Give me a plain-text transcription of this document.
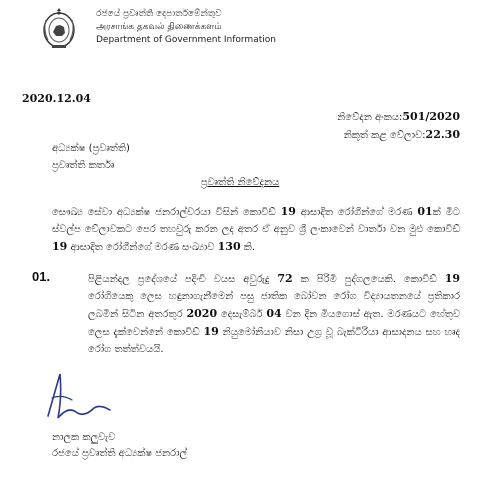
රජයේ ප්‍රවෘත්ති දෙපාර්තමේන්තුව
அரசாங்க தகவல் திணைக்களம்
Department of Government Information
2020.12.04
නිවේදන අංකය:501/2020
නිකුත් කළ වේලාව:22.30
අධ්‍යක්ෂ (ප්‍රවෘත්ති)
ප්‍රවෘත්ති කර්තෘ
ප්‍රවෘත්ති නිවේදනය
සෞඛ්‍ය සේවා අධ්‍යක්ෂ ජනරාල්වරයා විසින් කොවිඩ් 19 ආසාදිත රෝගීන්ගේ මරණ 01ක් මීට ස්වල්ප වේලාවකට පෙර තහවුරු කරන ලද අතර ඒ අනුව ශ්‍රී ලංකාවෙන් වාර්තා වන මුළු කොවිඩ් 19 ආසාදිත රෝගීන්ගේ මරණ සංඛ්‍යාව 130 කි.
01.	පිළියන්දල ප්‍රදේශයේ පදිංචි වයස අවුරුදු 72 ක පිරිමි පුද්ගලයෙකි. කොවිඩ් 19 රෝගියෙකු ලෙස හඳුනාගැනීමෙන් පසු ජාතික බෝවන රෝග විද්‍යායතනයේ ප්‍රතිකාර ලබමින් සිටින අතරතුර 2020 දෙසැම්බර් 04 වන දින මියගොස් ඇත. මරණයට හේතුව ලෙස දැක්වෙන්නේ කොවිඩ් 19 නියුමෝනියාව නිසා උග්‍ර වූ බැක්ටීරියා ආසාදනය සහ හෘද රෝග තත්ත්වයයි.
නාලක කලුවැව
රජයේ ප්‍රවෘත්ති අධ්‍යක්ෂ ජනරාල්
